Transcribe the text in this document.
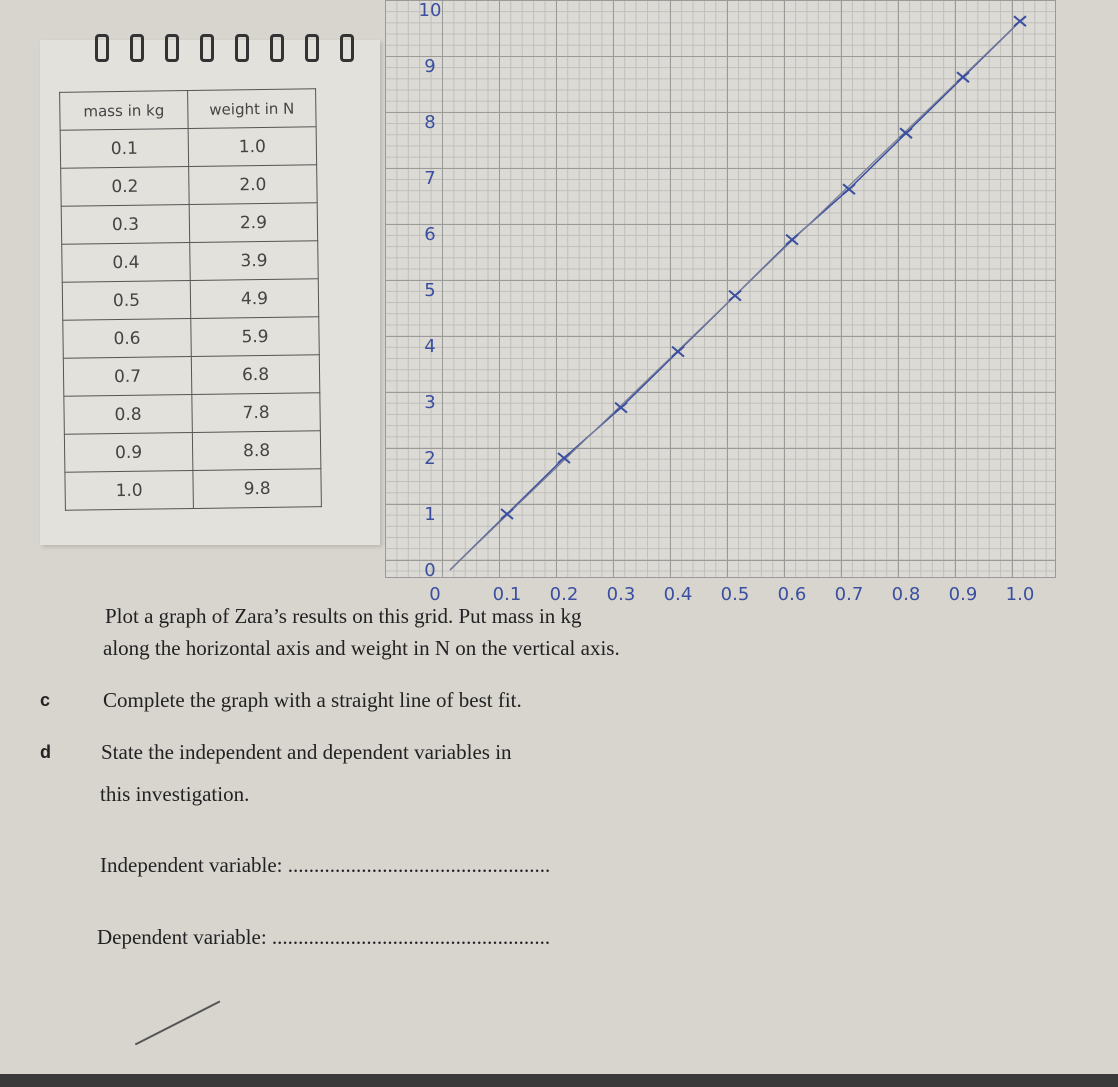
mass in kg	weight in N
0.1	1.0
0.2	2.0
0.3	2.9
0.4	3.9
0.5	4.9
0.6	5.9
0.7	6.8
0.8	7.8
0.9	8.8
1.0	9.8
0
1
2
3
4
5
6
7
8
9
10
0	0.1 0.2 0.3 0.4 0.5 0.6 0.7 0.8 0.9 1.0
Plot a graph of Zara’s results on this grid. Put mass in kg
along the horizontal axis and weight in N on the vertical axis.
c	Complete the graph with a straight line of best fit.
d State the independent and dependent variables in
this investigation.
Independent variable: ..................................................
Dependent variable: .....................................................
